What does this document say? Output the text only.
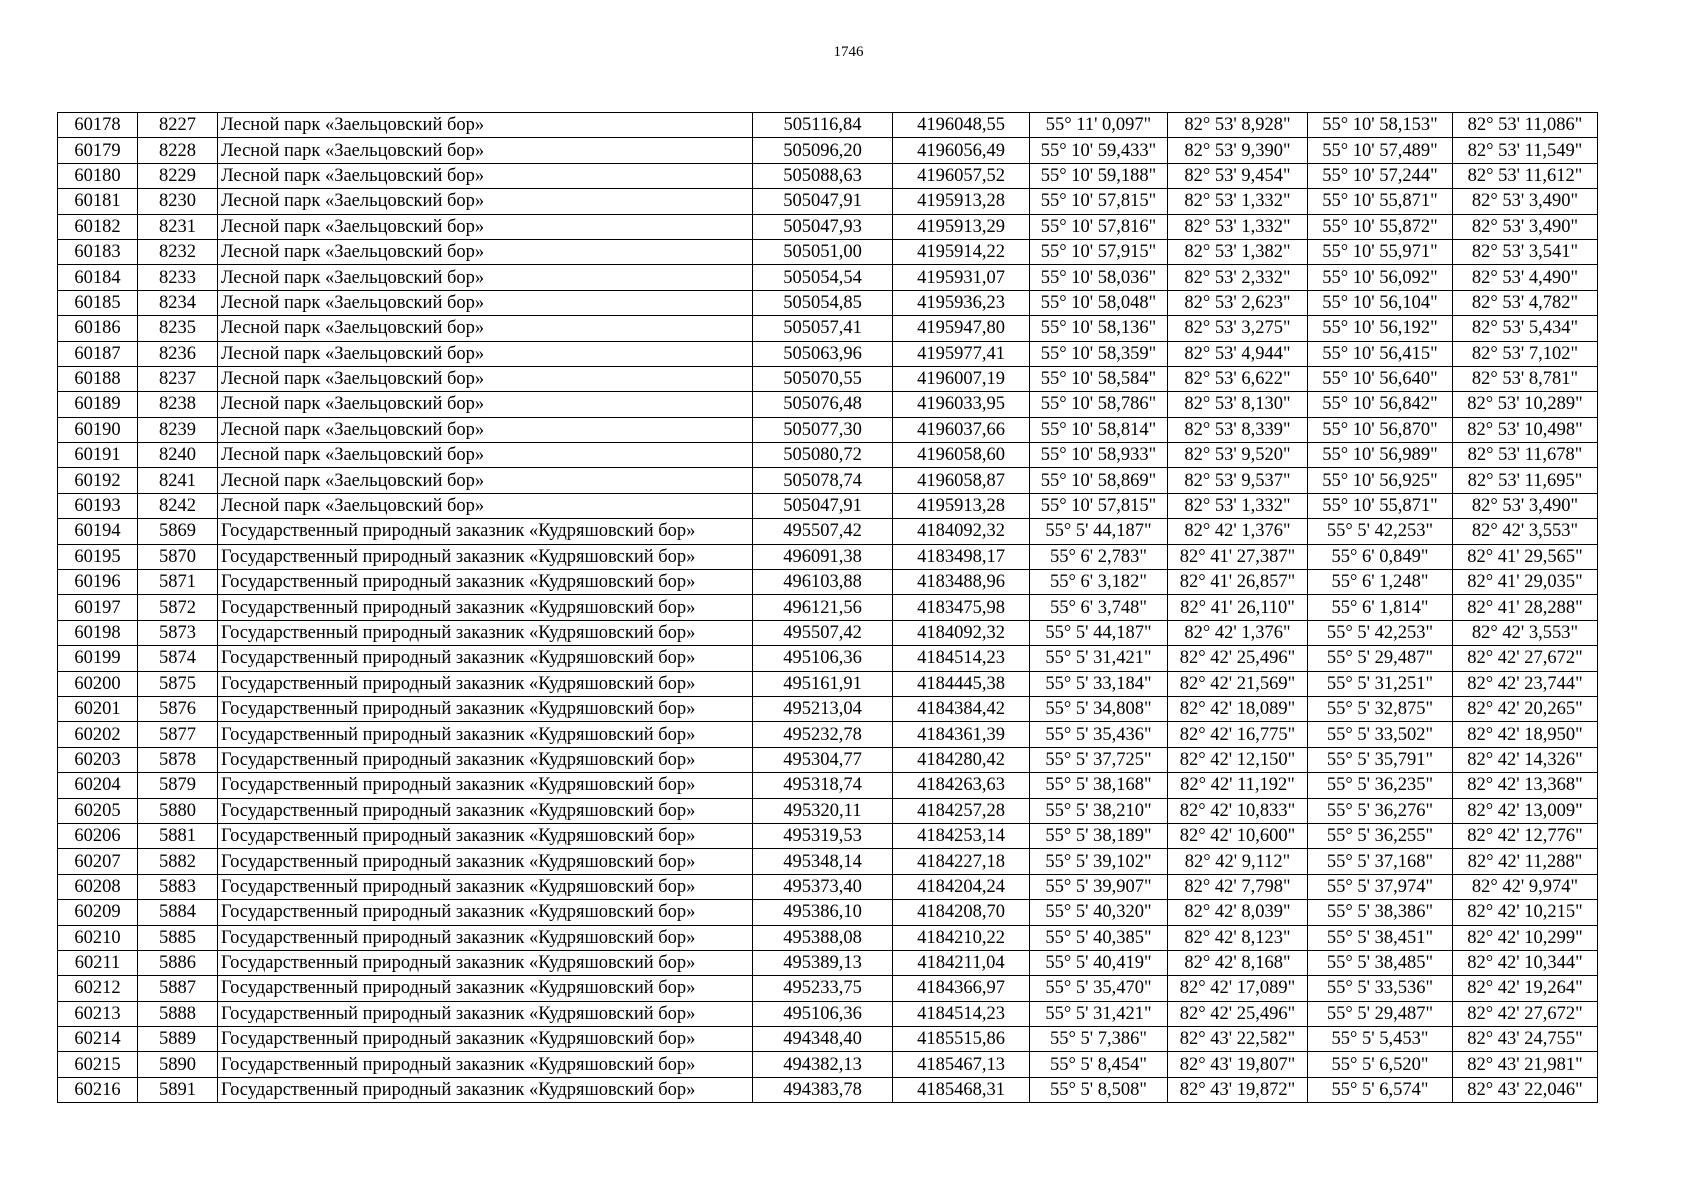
1746
60178	8227	Лесной парк «Заельцовский бор»	505116,84	4196048,55	55° 11' 0,097"	82° 53' 8,928"	55° 10' 58,153"	82° 53' 11,086"
60179	8228	Лесной парк «Заельцовский бор»	505096,20	4196056,49	55° 10' 59,433"	82° 53' 9,390"	55° 10' 57,489"	82° 53' 11,549"
60180	8229	Лесной парк «Заельцовский бор»	505088,63	4196057,52	55° 10' 59,188"	82° 53' 9,454"	55° 10' 57,244"	82° 53' 11,612"
60181	8230	Лесной парк «Заельцовский бор»	505047,91	4195913,28	55° 10' 57,815"	82° 53' 1,332"	55° 10' 55,871"	82° 53' 3,490"
60182	8231	Лесной парк «Заельцовский бор»	505047,93	4195913,29	55° 10' 57,816"	82° 53' 1,332"	55° 10' 55,872"	82° 53' 3,490"
60183	8232	Лесной парк «Заельцовский бор»	505051,00	4195914,22	55° 10' 57,915"	82° 53' 1,382"	55° 10' 55,971"	82° 53' 3,541"
60184	8233	Лесной парк «Заельцовский бор»	505054,54	4195931,07	55° 10' 58,036"	82° 53' 2,332"	55° 10' 56,092"	82° 53' 4,490"
60185	8234	Лесной парк «Заельцовский бор»	505054,85	4195936,23	55° 10' 58,048"	82° 53' 2,623"	55° 10' 56,104"	82° 53' 4,782"
60186	8235	Лесной парк «Заельцовский бор»	505057,41	4195947,80	55° 10' 58,136"	82° 53' 3,275"	55° 10' 56,192"	82° 53' 5,434"
60187	8236	Лесной парк «Заельцовский бор»	505063,96	4195977,41	55° 10' 58,359"	82° 53' 4,944"	55° 10' 56,415"	82° 53' 7,102"
60188	8237	Лесной парк «Заельцовский бор»	505070,55	4196007,19	55° 10' 58,584"	82° 53' 6,622"	55° 10' 56,640"	82° 53' 8,781"
60189	8238	Лесной парк «Заельцовский бор»	505076,48	4196033,95	55° 10' 58,786"	82° 53' 8,130"	55° 10' 56,842"	82° 53' 10,289"
60190	8239	Лесной парк «Заельцовский бор»	505077,30	4196037,66	55° 10' 58,814"	82° 53' 8,339"	55° 10' 56,870"	82° 53' 10,498"
60191	8240	Лесной парк «Заельцовский бор»	505080,72	4196058,60	55° 10' 58,933"	82° 53' 9,520"	55° 10' 56,989"	82° 53' 11,678"
60192	8241	Лесной парк «Заельцовский бор»	505078,74	4196058,87	55° 10' 58,869"	82° 53' 9,537"	55° 10' 56,925"	82° 53' 11,695"
60193	8242	Лесной парк «Заельцовский бор»	505047,91	4195913,28	55° 10' 57,815"	82° 53' 1,332"	55° 10' 55,871"	82° 53' 3,490"
60194	5869	Государственный природный заказник «Кудряшовский бор»	495507,42	4184092,32	55° 5' 44,187"	82° 42' 1,376"	55° 5' 42,253"	82° 42' 3,553"
60195	5870	Государственный природный заказник «Кудряшовский бор»	496091,38	4183498,17	55° 6' 2,783"	82° 41' 27,387"	55° 6' 0,849"	82° 41' 29,565"
60196	5871	Государственный природный заказник «Кудряшовский бор»	496103,88	4183488,96	55° 6' 3,182"	82° 41' 26,857"	55° 6' 1,248"	82° 41' 29,035"
60197	5872	Государственный природный заказник «Кудряшовский бор»	496121,56	4183475,98	55° 6' 3,748"	82° 41' 26,110"	55° 6' 1,814"	82° 41' 28,288"
60198	5873	Государственный природный заказник «Кудряшовский бор»	495507,42	4184092,32	55° 5' 44,187"	82° 42' 1,376"	55° 5' 42,253"	82° 42' 3,553"
60199	5874	Государственный природный заказник «Кудряшовский бор»	495106,36	4184514,23	55° 5' 31,421"	82° 42' 25,496"	55° 5' 29,487"	82° 42' 27,672"
60200	5875	Государственный природный заказник «Кудряшовский бор»	495161,91	4184445,38	55° 5' 33,184"	82° 42' 21,569"	55° 5' 31,251"	82° 42' 23,744"
60201	5876	Государственный природный заказник «Кудряшовский бор»	495213,04	4184384,42	55° 5' 34,808"	82° 42' 18,089"	55° 5' 32,875"	82° 42' 20,265"
60202	5877	Государственный природный заказник «Кудряшовский бор»	495232,78	4184361,39	55° 5' 35,436"	82° 42' 16,775"	55° 5' 33,502"	82° 42' 18,950"
60203	5878	Государственный природный заказник «Кудряшовский бор»	495304,77	4184280,42	55° 5' 37,725"	82° 42' 12,150"	55° 5' 35,791"	82° 42' 14,326"
60204	5879	Государственный природный заказник «Кудряшовский бор»	495318,74	4184263,63	55° 5' 38,168"	82° 42' 11,192"	55° 5' 36,235"	82° 42' 13,368"
60205	5880	Государственный природный заказник «Кудряшовский бор»	495320,11	4184257,28	55° 5' 38,210"	82° 42' 10,833"	55° 5' 36,276"	82° 42' 13,009"
60206	5881	Государственный природный заказник «Кудряшовский бор»	495319,53	4184253,14	55° 5' 38,189"	82° 42' 10,600"	55° 5' 36,255"	82° 42' 12,776"
60207	5882	Государственный природный заказник «Кудряшовский бор»	495348,14	4184227,18	55° 5' 39,102"	82° 42' 9,112"	55° 5' 37,168"	82° 42' 11,288"
60208	5883	Государственный природный заказник «Кудряшовский бор»	495373,40	4184204,24	55° 5' 39,907"	82° 42' 7,798"	55° 5' 37,974"	82° 42' 9,974"
60209	5884	Государственный природный заказник «Кудряшовский бор»	495386,10	4184208,70	55° 5' 40,320"	82° 42' 8,039"	55° 5' 38,386"	82° 42' 10,215"
60210	5885	Государственный природный заказник «Кудряшовский бор»	495388,08	4184210,22	55° 5' 40,385"	82° 42' 8,123"	55° 5' 38,451"	82° 42' 10,299"
60211	5886	Государственный природный заказник «Кудряшовский бор»	495389,13	4184211,04	55° 5' 40,419"	82° 42' 8,168"	55° 5' 38,485"	82° 42' 10,344"
60212	5887	Государственный природный заказник «Кудряшовский бор»	495233,75	4184366,97	55° 5' 35,470"	82° 42' 17,089"	55° 5' 33,536"	82° 42' 19,264"
60213	5888	Государственный природный заказник «Кудряшовский бор»	495106,36	4184514,23	55° 5' 31,421"	82° 42' 25,496"	55° 5' 29,487"	82° 42' 27,672"
60214	5889	Государственный природный заказник «Кудряшовский бор»	494348,40	4185515,86	55° 5' 7,386"	82° 43' 22,582"	55° 5' 5,453"	82° 43' 24,755"
60215	5890	Государственный природный заказник «Кудряшовский бор»	494382,13	4185467,13	55° 5' 8,454"	82° 43' 19,807"	55° 5' 6,520"	82° 43' 21,981"
60216	5891	Государственный природный заказник «Кудряшовский бор»	494383,78	4185468,31	55° 5' 8,508"	82° 43' 19,872"	55° 5' 6,574"	82° 43' 22,046"
